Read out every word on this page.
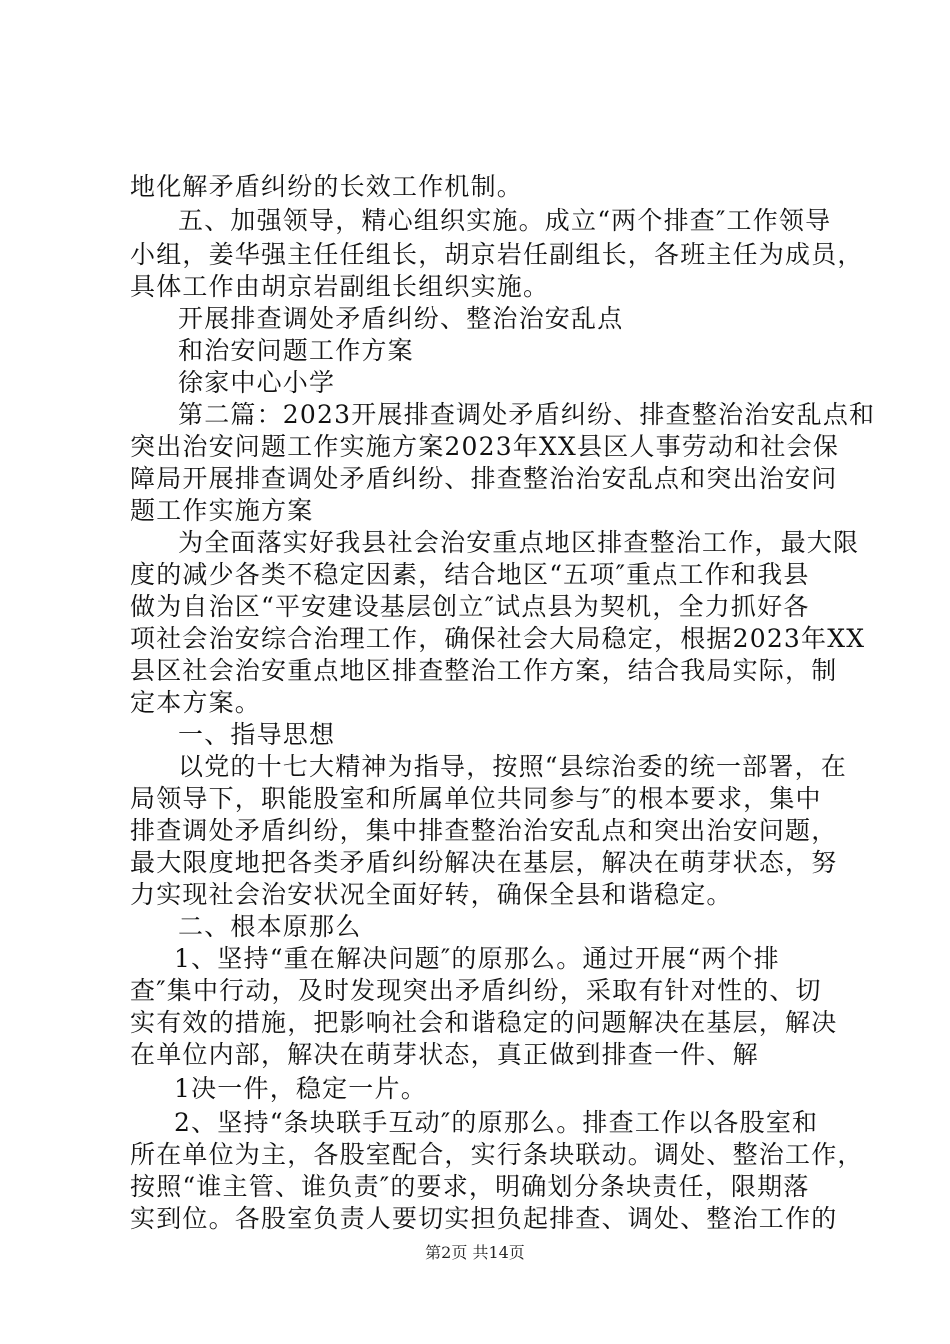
地化解矛盾纠纷的长效工作机制。
五、加强领导，精心组织实施。成立“两个排查″工作领导
小组，姜华强主任任组长，胡京岩任副组长，各班主任为成员，
具体工作由胡京岩副组长组织实施。
开展排查调处矛盾纠纷、整治治安乱点
和治安问题工作方案
徐家中心小学
第二篇：2023开展排查调处矛盾纠纷、排查整治治安乱点和
突出治安问题工作实施方案2023年XX县区人事劳动和社会保
障局开展排查调处矛盾纠纷、排查整治治安乱点和突出治安问
题工作实施方案
为全面落实好我县社会治安重点地区排查整治工作，最大限
度的减少各类不稳定因素，结合地区“五项″重点工作和我县
做为自治区“平安建设基层创立″试点县为契机，全力抓好各
项社会治安综合治理工作，确保社会大局稳定，根据2023年XX
县区社会治安重点地区排查整治工作方案，结合我局实际，制
定本方案。
一、指导思想
以党的十七大精神为指导，按照“县综治委的统一部署，在
局领导下，职能股室和所属单位共同参与″的根本要求，集中
排查调处矛盾纠纷，集中排查整治治安乱点和突出治安问题，
最大限度地把各类矛盾纠纷解决在基层，解决在萌芽状态，努
力实现社会治安状况全面好转，确保全县和谐稳定。
二、根本原那么
1、坚持“重在解决问题″的原那么。通过开展“两个排
查″集中行动，及时发现突出矛盾纠纷，采取有针对性的、切
实有效的措施，把影响社会和谐稳定的问题解决在基层，解决
在单位内部，解决在萌芽状态，真正做到排查一件、解
1决一件，稳定一片。
2、坚持“条块联手互动″的原那么。排查工作以各股室和
所在单位为主，各股室配合，实行条块联动。调处、整治工作，
按照“谁主管、谁负责″的要求，明确划分条块责任，限期落
实到位。各股室负责人要切实担负起排查、调处、整治工作的
第2页 共14页
